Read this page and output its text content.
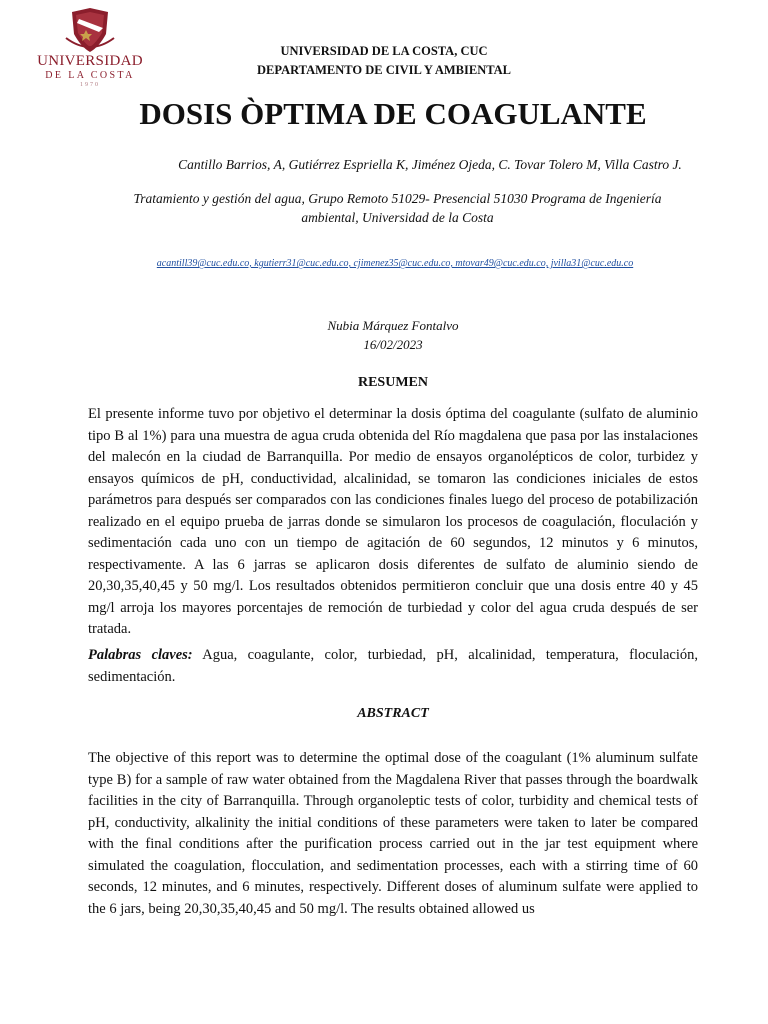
UNIVERSIDAD
DE LA COSTA
1970
UNIVERSIDAD DE LA COSTA, CUC
DEPARTAMENTO DE CIVIL Y AMBIENTAL
DOSIS ÒPTIMA DE COAGULANTE
Cantillo Barrios, A, Gutiérrez Espriella K, Jiménez Ojeda, C. Tovar Tolero M, Villa Castro J.
Tratamiento y gestión del agua, Grupo Remoto 51029- Presencial 51030 Programa de Ingeniería ambiental, Universidad de la Costa
acantill39@cuc.edu.co, kgutierr31@cuc.edu.co, cjimenez35@cuc.edu.co, mtovar49@cuc.edu.co, jvilla31@cuc.edu.co
Nubia Márquez Fontalvo
16/02/2023
RESUMEN

El presente informe tuvo por objetivo el determinar la dosis óptima del coagulante (sulfato de aluminio tipo B al 1%) para una muestra de agua cruda obtenida del Río magdalena que pasa por las instalaciones del malecón en la ciudad de Barranquilla. Por medio de ensayos organolépticos de color, turbidez y ensayos químicos de pH, conductividad, alcalinidad, se tomaron las condiciones iniciales de estos parámetros para después ser comparados con las condiciones finales luego del proceso de potabilización realizado en el equipo prueba de jarras donde se simularon los procesos de coagulación, floculación y sedimentación cada uno con un tiempo de agitación de 60 segundos, 12 minutos y 6 minutos, respectivamente. A las 6 jarras se aplicaron dosis diferentes de sulfato de aluminio siendo de 20,30,35,40,45 y 50 mg/l. Los resultados obtenidos permitieron concluir que una dosis entre 40 y 45 mg/l arroja los mayores porcentajes de remoción de turbiedad y color del agua cruda después de ser tratada.

Palabras claves: Agua, coagulante, color, turbiedad, pH, alcalinidad, temperatura, floculación, sedimentación.

ABSTRACT

The objective of this report was to determine the optimal dose of the coagulant (1% aluminum sulfate type B) for a sample of raw water obtained from the Magdalena River that passes through the boardwalk facilities in the city of Barranquilla. Through organoleptic tests of color, turbidity and chemical tests of pH, conductivity, alkalinity the initial conditions of these parameters were taken to later be compared with the final conditions after the purification process carried out in the jar test equipment where simulated the coagulation, flocculation, and sedimentation processes, each with a stirring time of 60 seconds, 12 minutes, and 6 minutes, respectively. Different doses of aluminum sulfate were applied to the 6 jars, being 20,30,35,40,45 and 50 mg/l. The results obtained allowed us
